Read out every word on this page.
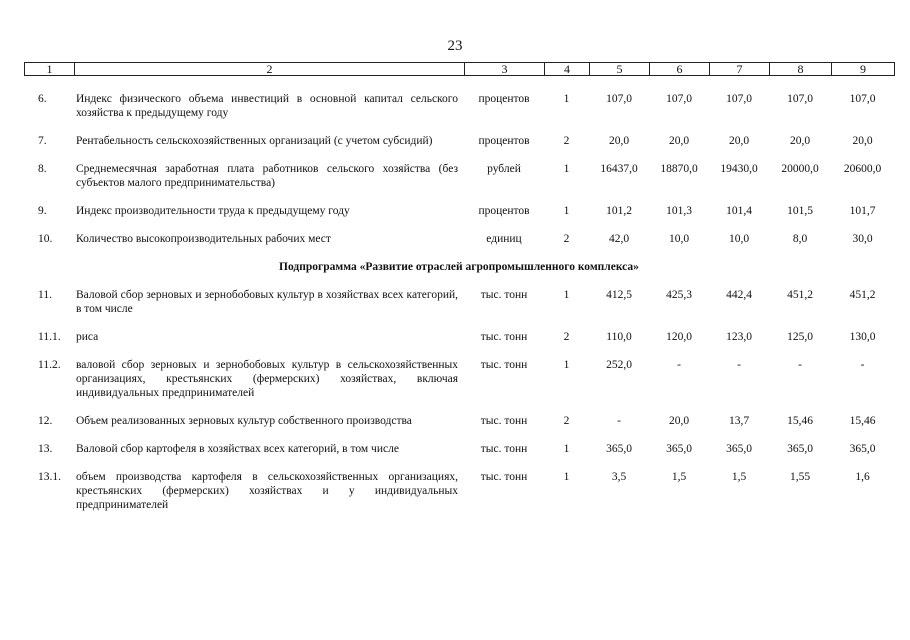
23
1	2	3	4	5	6	7	8	9
6.	Индекс физического объема инвестиций в основной капитал сельского хозяйства к предыдущему году	процентов	1	107,0	107,0	107,0	107,0	107,0
7.	Рентабельность сельскохозяйственных организаций (с учетом субсидий)	процентов	2	20,0	20,0	20,0	20,0	20,0
8.	Среднемесячная заработная плата работников сельского хозяйства (без субъектов малого предпринимательства)	рублей	1	16437,0	18870,0	19430,0	20000,0	20600,0
9.	Индекс производительности труда к предыдущему году	процентов	1	101,2	101,3	101,4	101,5	101,7
10.	Количество высокопроизводительных рабочих мест	единиц	2	42,0	10,0	10,0	8,0	30,0
Подпрограмма «Развитие отраслей агропромышленного комплекса»								
11.	Валовой сбор зерновых и зернобобовых культур в хозяйствах всех категорий, в том числе	тыс. тонн	1	412,5	425,3	442,4	451,2	451,2
11.1.	риса	тыс. тонн	2	110,0	120,0	123,0	125,0	130,0
11.2.	валовой сбор зерновых и зернобобовых культур в сельскохозяйственных организациях, крестьянских (фермерских) хозяйствах, включая индивидуальных предпринимателей	тыс. тонн	1	252,0	-	-	-	-
12.	Объем реализованных зерновых культур собственного производства	тыс. тонн	2	-	20,0	13,7	15,46	15,46
13.	Валовой сбор картофеля в хозяйствах всех категорий, в том числе	тыс. тонн	1	365,0	365,0	365,0	365,0	365,0
13.1.	объем производства картофеля в сельскохозяйственных организациях, крестьянских (фермерских) хозяйствах и у индивидуальных предпринимателей	тыс. тонн	1	3,5	1,5	1,5	1,55	1,6
